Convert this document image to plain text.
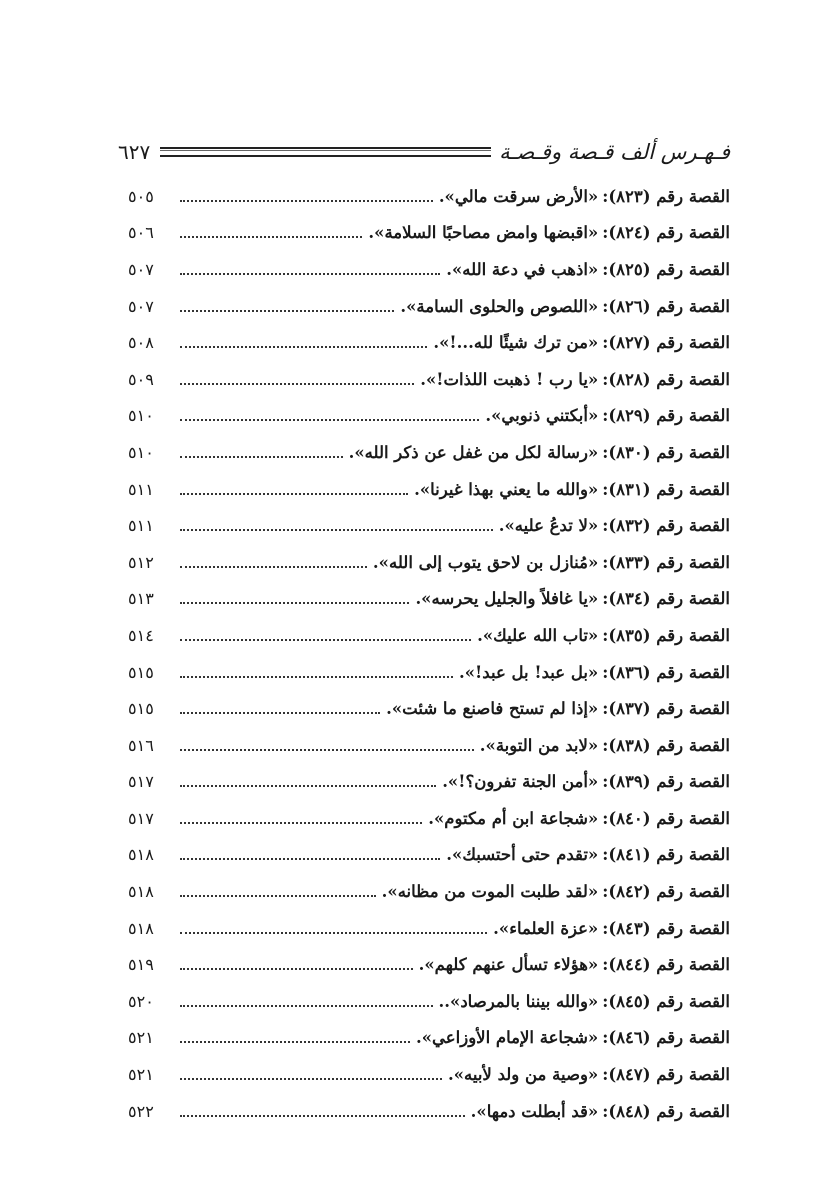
فـهـرس ألف قـصة وقـصـة
٦٢٧
القصة رقم (٨٢٣):
«الأرض سرقت مالي».
٥٠٥
القصة رقم (٨٢٤):
«اقبضها وامض مصاحبًا السلامة».
٥٠٦
القصة رقم (٨٢٥):
«اذهب في دعة الله».
٥٠٧
القصة رقم (٨٢٦):
«اللصوص والحلوى السامة».
٥٠٧
القصة رقم (٨٢٧):
«من ترك شيئًا لله...!».
٥٠٨
القصة رقم (٨٢٨):
«يا رب ! ذهبت اللذات!».
٥٠٩
القصة رقم (٨٢٩):
«أبكتني ذنوبي».
٥١٠
القصة رقم (٨٣٠):
«رسالة لكل من غفل عن ذكر الله».
٥١٠
القصة رقم (٨٣١):
«والله ما يعني بهذا غيرنا».
٥١١
القصة رقم (٨٣٢):
«لا تدعُ عليه».
٥١١
القصة رقم (٨٣٣):
«مُنازل بن لاحق يتوب إلى الله».
٥١٢
القصة رقم (٨٣٤):
«يا غافلاً والجليل يحرسه».
٥١٣
القصة رقم (٨٣٥):
«تاب الله عليك».
٥١٤
القصة رقم (٨٣٦):
«بل عبد! بل عبد!».
٥١٥
القصة رقم (٨٣٧):
«إذا لم تستح فاصنع ما شئت».
٥١٥
القصة رقم (٨٣٨):
«لابد من التوبة».
٥١٦
القصة رقم (٨٣٩):
«أمن الجنة تفرون؟!».
٥١٧
القصة رقم (٨٤٠):
«شجاعة ابن أم مكتوم».
٥١٧
القصة رقم (٨٤١):
«تقدم حتى أحتسبك».
٥١٨
القصة رقم (٨٤٢):
«لقد طلبت الموت من مظانه».
٥١٨
القصة رقم (٨٤٣):
«عزة العلماء».
٥١٨
القصة رقم (٨٤٤):
«هؤلاء تسأل عنهم كلهم».
٥١٩
القصة رقم (٨٤٥):
«والله بيننا بالمرصاد»..
٥٢٠
القصة رقم (٨٤٦):
«شجاعة الإمام الأوزاعي».
٥٢١
القصة رقم (٨٤٧):
«وصية من ولد لأبيه».
٥٢١
القصة رقم (٨٤٨):
«قد أبطلت دمها».
٥٢٢
